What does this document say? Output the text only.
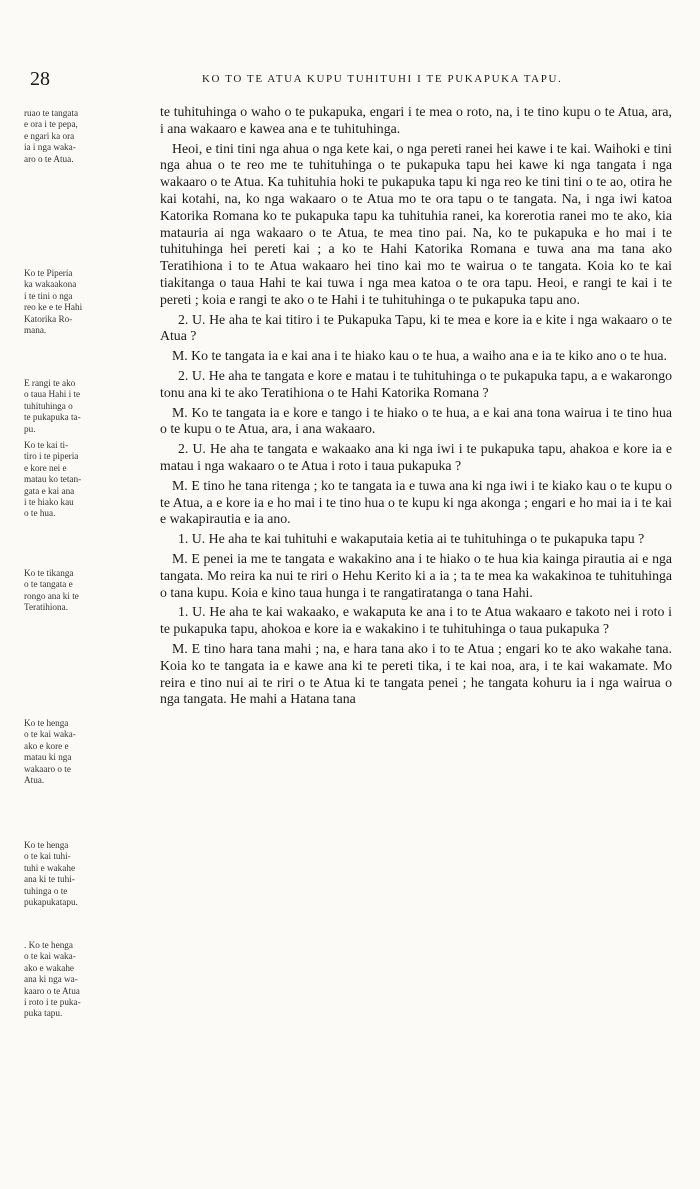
28	KO TO TE ATUA KUPU TUHITUHI I TE PUKAPUKA TAPU.
ruao te tangata
e ora i te pepa,
e ngari ka ora
ia i nga waka-
aro o te Atua.
Ko te Piperia
ka wakaakona
i te tini o nga
reo ke e te Hahi
Katorika Ro-
mana.
E rangi te ako
o taua Hahi i te
tuhituhinga o
te pukapuka ta-
pu.
Ko te kai ti-
tiro i te piperia
e kore nei e
matau ko tetan-
gata e kai ana
i te hiako kau
o te hua.
Ko te tikanga
o te tangata e
rongo ana ki te
Teratihiona.
Ko te henga
o te kai waka-
ako e kore e
matau ki nga
wakaaro o te
Atua.
Ko te henga
o te kai tuhi-
tuhi e wakahe
ana ki te tuhi-
tuhinga o te
pukapukatapu.
. Ko te henga
o te kai waka-
ako e wakahe
ana ki nga wa-
kaaro o te Atua
i roto i te puka-
puka tapu.

te tuhituhinga o waho o te pukapuka, engari i te mea o roto, na, i te tino kupu o te Atua, ara, i ana wakaaro e kawea ana e te tuhituhinga.

Heoi, e tini tini nga ahua o nga kete kai, o nga pereti ranei hei kawe i te kai. Waihoki e tini nga ahua o te reo me te tuhituhinga o te pukapuka tapu hei kawe ki nga tangata i nga wakaaro o te Atua. Ka tuhituhia hoki te pukapuka tapu ki nga reo ke tini tini o te ao, otira he kai kotahi, na, ko nga wakaaro o te Atua mo te ora tapu o te tangata. Na, i nga iwi katoa Katorika Romana ko te pukapuka tapu ka tuhituhia ranei, ka korerotia ranei mo te ako, kia matauria ai nga wakaaro o te Atua, te mea tino pai. Na, ko te pukapuka e ho mai i te tuhituhinga hei pereti kai ; a ko te Hahi Katorika Romana e tuwa ana ma tana ako Teratihiona i to te Atua wakaaro hei tino kai mo te wairua o te tangata. Koia ko te kai tiakitanga o taua Hahi te kai tuwa i nga mea katoa o te ora tapu. Heoi, e rangi te kai i te pereti ; koia e rangi te ako o te Hahi i te tuhituhinga o te pukapuka tapu ano.

2. U. He aha te kai titiro i te Pukapuka Tapu, ki te mea e kore ia e kite i nga wakaaro o te Atua ?

M. Ko te tangata ia e kai ana i te hiako kau o te hua, a waiho ana e ia te kiko ano o te hua.

2. U. He aha te tangata e kore e matau i te tuhituhinga o te pukapuka tapu, a e wakarongo tonu ana ki te ako Teratihiona o te Hahi Katorika Romana ?

M. Ko te tangata ia e kore e tango i te hiako o te hua, a e kai ana tona wairua i te tino hua o te kupu o te Atua, ara, i ana wakaaro.

2. U. He aha te tangata e wakaako ana ki nga iwi i te pukapuka tapu, ahakoa e kore ia e matau i nga wakaaro o te Atua i roto i taua pukapuka ?

M. E tino he tana ritenga ; ko te tangata ia e tuwa ana ki nga iwi i te kiako kau o te kupu o te Atua, a e kore ia e ho mai i te tino hua o te kupu ki nga akonga ; engari e ho mai ia i te kai e wakapirautia e ia ano.

1. U. He aha te kai tuhituhi e wakaputaia ketia ai te tuhituhinga o te pukapuka tapu ?

M. E penei ia me te tangata e wakakino ana i te hiako o te hua kia kainga pirautia ai e nga tangata. Mo reira ka nui te riri o Hehu Kerito ki a ia ; ta te mea ka wakakinoa te tuhituhinga o tana kupu. Koia e kino taua hunga i te rangatiratanga o tana Hahi.

1. U. He aha te kai wakaako, e wakaputa ke ana i to te Atua wakaaro e takoto nei i roto i te pukapuka tapu, ahokoa e kore ia e wakakino i te tuhituhinga o taua pukapuka ?

M. E tino hara tana mahi ; na, e hara tana ako i to te Atua ; engari ko te ako wakahe tana. Koia ko te tangata ia e kawe ana ki te pereti tika, i te kai noa, ara, i te kai wakamate. Mo reira e tino nui ai te riri o te Atua ki te tangata penei ; he tangata kohuru ia i nga wairua o nga tangata. He mahi a Hatana tana
